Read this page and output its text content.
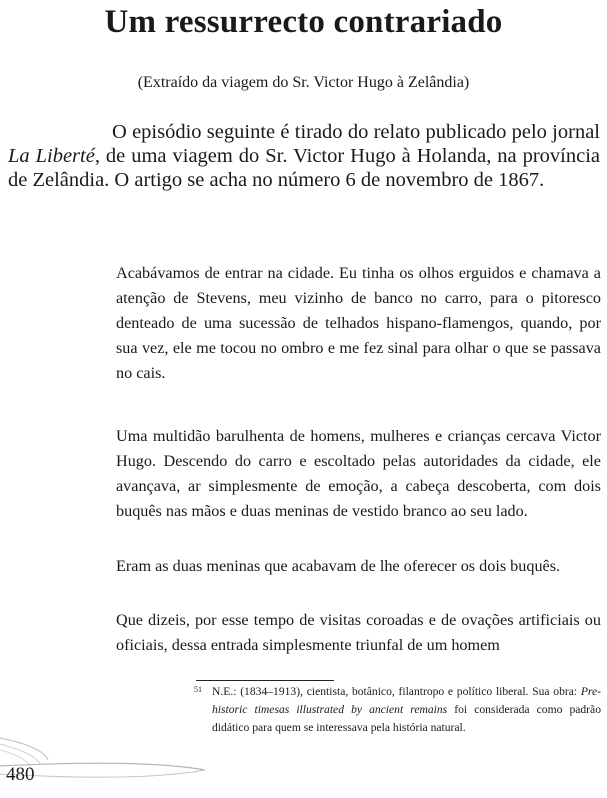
Um ressurrecto contrariado

(Extraído da viagem do Sr. Victor Hugo à Zelândia)

O episódio seguinte é tirado do relato publicado pelo jornal La Liberté, de uma viagem do Sr. Victor Hugo à Holanda, na província de Zelândia. O artigo se acha no número 6 de novembro de 1867.

Acabávamos de entrar na cidade. Eu tinha os olhos erguidos e chamava a atenção de Stevens, meu vizinho de banco no carro, para o pitoresco denteado de uma sucessão de telhados hispano-flamengos, quando, por sua vez, ele me tocou no ombro e me fez sinal para olhar o que se passava no cais.

Uma multidão barulhenta de homens, mulheres e crianças cercava Victor Hugo. Descendo do carro e escoltado pelas autoridades da cidade, ele avançava, ar simplesmente de emoção, a cabeça descoberta, com dois buquês nas mãos e duas meninas de vestido branco ao seu lado.

Eram as duas meninas que acabavam de lhe oferecer os dois buquês.

Que dizeis, por esse tempo de visitas coroadas e de ovações artificiais ou oficiais, dessa entrada simplesmente triunfal de um homem

51 N.E.: (1834–1913), cientista, botânico, filantropo e político liberal. Sua obra: Pre-historic timesas illustrated by ancient remains foi considerada como padrão didático para quem se interessava pela história natural.

480
